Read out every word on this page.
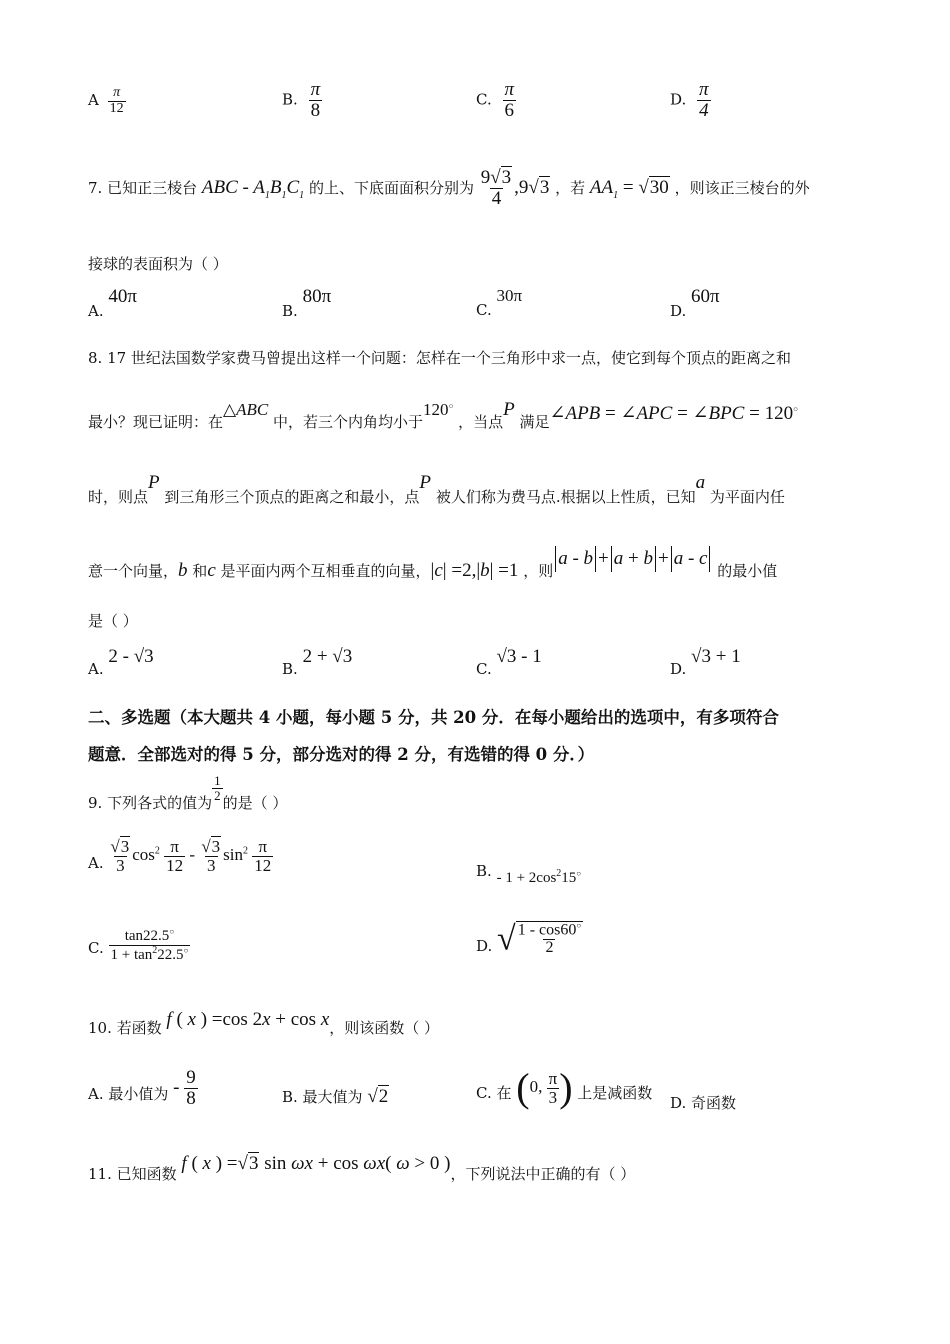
A $\frac{\pi}{12}$	B. $\frac{\pi}{8}$	C. $\frac{\pi}{6}$	D. $\frac{\pi}{4}$
7. 已知正三棱台 ABC - $A_1B_1C_1$ 的上、下底面面积分别为 $\frac{9√3}{4} ,9√3$ ，若 $AA_1 = √30$ ，则该正三棱台的外
接球的表面积为（ ）
A. 40π
B. 80π
C. 30π
D. 60π
8. 17 世纪法国数学家费马曾提出这样一个问题：怎样在一个三角形中求一点，使它到每个顶点的距离之和
最小？现已证明：在△ABC 中，若三个内角均小于120○ ，当点P 满足∠APB = ∠APC = ∠BPC = 120○
时，则点P 到三角形三个顶点的距离之和最小，点P 被人们称为费马点.根据以上性质，已知a 为平面内任
意一个向量，b 和c 是平面内两个互相垂直的向量，|c| =2,|b| =1 ，则a - b + a + b + a - c 的最小值
是（ ）
A. 2 - √3
B. 2 + √3
C. √3 - 1
D. √3 + 1
二、多选题（本大题共 4 小题，每小题 5 分，共 20 分．在每小题给出的选项中，有多项符合
题意．全部选对的得 5 分，部分选对的得 2 分，有选错的得 0 分．）
9. 下列各式的值为
$\frac{1}{2}$
的是（ ）
A. $\frac{√3}{3} \cos^2 \frac{\pi}{12} - \frac{√3}{3} \sin^2 \frac{\pi}{12}$	B. - $1 + 2\cos^215^○$
C. $\frac{\tan 22.5^○}{1 + \tan^222.5^○}$	D. √ $\frac{1 - \cos 60^○}{2}$
10. 若函数 f ( x ) =cos 2x + cos x，则该函数（ ）
A. 最小值为 - $\frac{9}{8}$	B. 最大值为 √2	C. 在 (0, $\frac{\pi}{3}$ ) 上是减函数
D. 奇函数
11. 已知函数 f ( x ) =√3 sin ωx + cos ωx( ω > 0 )，下列说法中正确的有（ ）
